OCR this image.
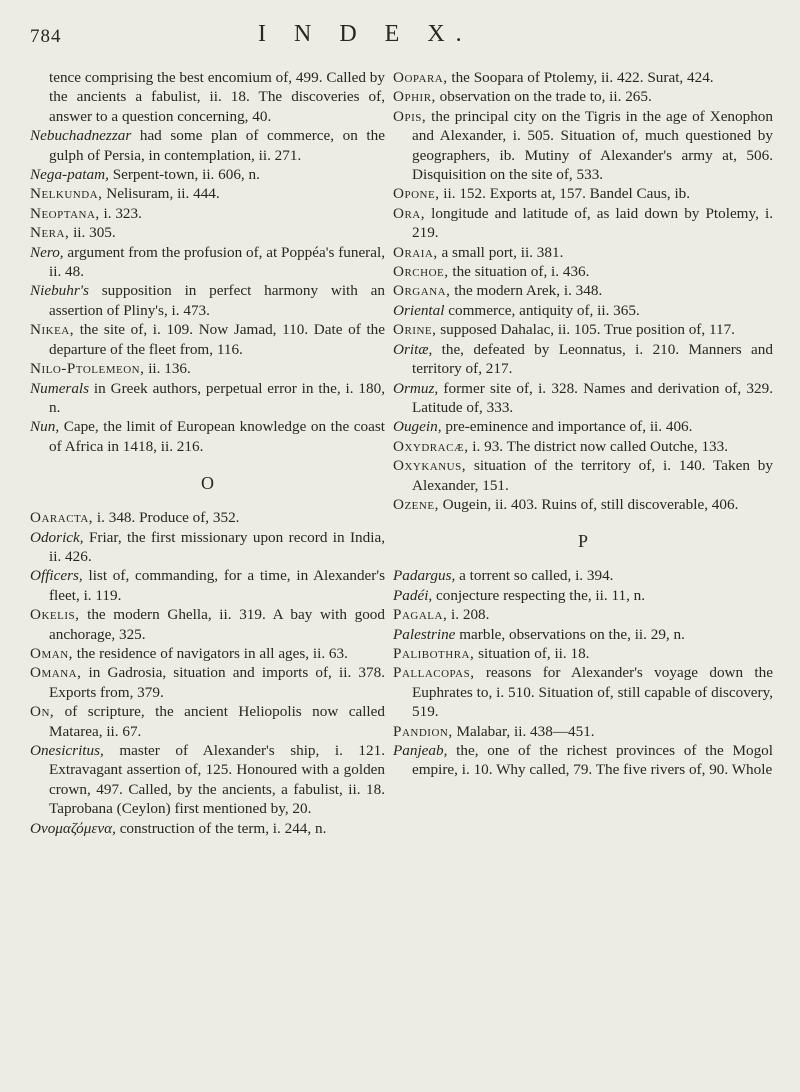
784	I N D E X.
tence comprising the best encomium of, 499. Called by the ancients a fabulist, ii. 18. The discoveries of, answer to a question concerning, 40.
Nebuchadnezzar had some plan of commerce, on the gulph of Persia, in contemplation, ii. 271.
Nega-patam, Serpent-town, ii. 606, n.
Nelkunda, Nelisuram, ii. 444.
Neoptana, i. 323.
Nera, ii. 305.
Nero, argument from the profusion of, at Poppéa's funeral, ii. 48.
Niebuhr's supposition in perfect harmony with an assertion of Pliny's, i. 473.
Nikea, the site of, i. 109. Now Jamad, 110. Date of the departure of the fleet from, 116.
Nilo-Ptolemeon, ii. 136.
Numerals in Greek authors, perpetual error in the, i. 180, n.
Nun, Cape, the limit of European knowledge on the coast of Africa in 1418, ii. 216.
O
Oaracta, i. 348. Produce of, 352.
Odorick, Friar, the first missionary upon record in India, ii. 426.
Officers, list of, commanding, for a time, in Alexander's fleet, i. 119.
Okelis, the modern Ghella, ii. 319. A bay with good anchorage, 325.
Oman, the residence of navigators in all ages, ii. 63.
Omana, in Gadrosia, situation and imports of, ii. 378. Exports from, 379.
On, of scripture, the ancient Heliopolis now called Matarea, ii. 67.
Onesicritus, master of Alexander's ship, i. 121. Extravagant assertion of, 125. Honoured with a golden crown, 497. Called, by the ancients, a fabulist, ii. 18. Taprobana (Ceylon) first mentioned by, 20.
Ονομαζόμενα, construction of the term, i. 244, n.
Oopara, the Soopara of Ptolemy, ii. 422. Surat, 424.
Ophir, observation on the trade to, ii. 265.
Opis, the principal city on the Tigris in the age of Xenophon and Alexander, i. 505. Situation of, much questioned by geographers, ib. Mutiny of Alexander's army at, 506. Disquisition on the site of, 533.
Opone, ii. 152. Exports at, 157. Bandel Caus, ib.
Ora, longitude and latitude of, as laid down by Ptolemy, i. 219.
Oraia, a small port, ii. 381.
Orchoe, the situation of, i. 436.
Organa, the modern Arek, i. 348.
Oriental commerce, antiquity of, ii. 365.
Orine, supposed Dahalac, ii. 105. True position of, 117.
Oritæ, the, defeated by Leonnatus, i. 210. Manners and territory of, 217.
Ormuz, former site of, i. 328. Names and derivation of, 329. Latitude of, 333.
Ougein, pre-eminence and importance of, ii. 406.
Oxydracæ, i. 93. The district now called Outche, 133.
Oxykanus, situation of the territory of, i. 140. Taken by Alexander, 151.
Ozene, Ougein, ii. 403. Ruins of, still discoverable, 406.
P
Padargus, a torrent so called, i. 394.
Padéi, conjecture respecting the, ii. 11, n.
Pagala, i. 208.
Palestrine marble, observations on the, ii. 29, n.
Palibothra, situation of, ii. 18.
Pallacopas, reasons for Alexander's voyage down the Euphrates to, i. 510. Situation of, still capable of discovery, 519.
Pandion, Malabar, ii. 438—451.
Panjeab, the, one of the richest provinces of the Mogol empire, i. 10. Why called, 79. The five rivers of, 90. Whole
